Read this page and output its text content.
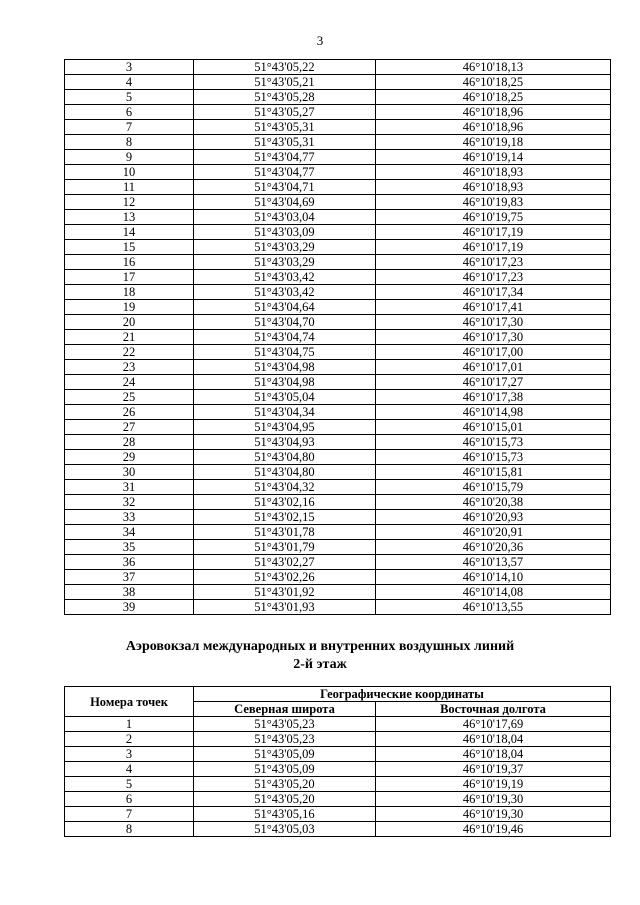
3
3	51°43'05,22	46°10'18,13
4	51°43'05,21	46°10'18,25
5	51°43'05,28	46°10'18,25
6	51°43'05,27	46°10'18,96
7	51°43'05,31	46°10'18,96
8	51°43'05,31	46°10'19,18
9	51°43'04,77	46°10'19,14
10	51°43'04,77	46°10'18,93
11	51°43'04,71	46°10'18,93
12	51°43'04,69	46°10'19,83
13	51°43'03,04	46°10'19,75
14	51°43'03,09	46°10'17,19
15	51°43'03,29	46°10'17,19
16	51°43'03,29	46°10'17,23
17	51°43'03,42	46°10'17,23
18	51°43'03,42	46°10'17,34
19	51°43'04,64	46°10'17,41
20	51°43'04,70	46°10'17,30
21	51°43'04,74	46°10'17,30
22	51°43'04,75	46°10'17,00
23	51°43'04,98	46°10'17,01
24	51°43'04,98	46°10'17,27
25	51°43'05,04	46°10'17,38
26	51°43'04,34	46°10'14,98
27	51°43'04,95	46°10'15,01
28	51°43'04,93	46°10'15,73
29	51°43'04,80	46°10'15,73
30	51°43'04,80	46°10'15,81
31	51°43'04,32	46°10'15,79
32	51°43'02,16	46°10'20,38
33	51°43'02,15	46°10'20,93
34	51°43'01,78	46°10'20,91
35	51°43'01,79	46°10'20,36
36	51°43'02,27	46°10'13,57
37	51°43'02,26	46°10'14,10
38	51°43'01,92	46°10'14,08
39	51°43'01,93	46°10'13,55
Аэровокзал международных и внутренних воздушных линий
2-й этаж
Номера точек	Географические координаты	
	Северная широта	Восточная долгота
1	51°43'05,23	46°10'17,69
2	51°43'05,23	46°10'18,04
3	51°43'05,09	46°10'18,04
4	51°43'05,09	46°10'19,37
5	51°43'05,20	46°10'19,19
6	51°43'05,20	46°10'19,30
7	51°43'05,16	46°10'19,30
8	51°43'05,03	46°10'19,46
